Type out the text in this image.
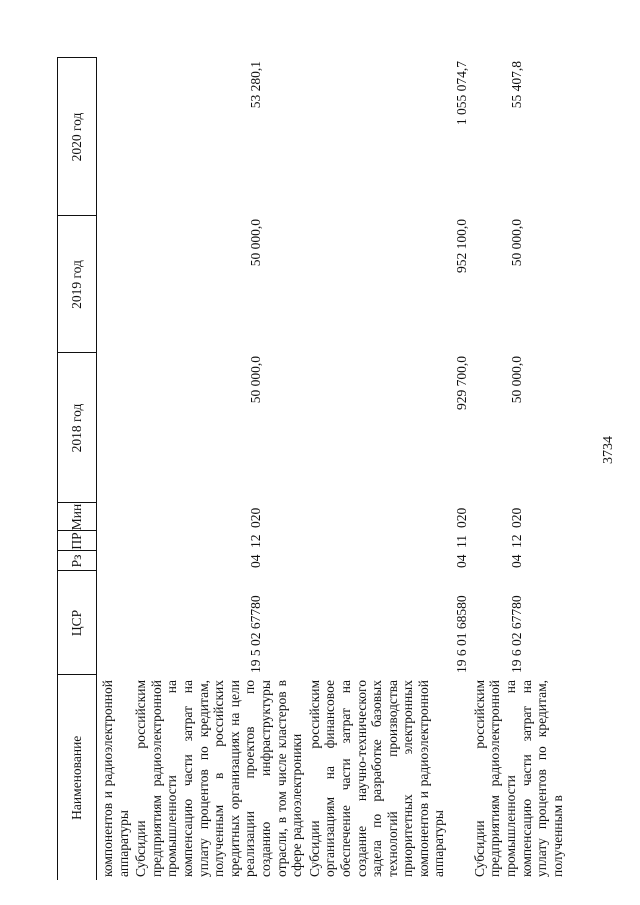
3734
Наименование	ЦСР	Рз	ПР	Мин	2018 год	2019 год	2020 год

компонентов и радиоэлектронной аппаратуры							

Субсидии российским предприятиям радиоэлектронной промышленности на компенсацию части затрат на уплату процентов по кредитам, полученным в российских кредитных организациях на цели реализации проектов по созданию инфраструктуры отрасли, в том числе кластеров в сфере радиоэлектроники	19 5 02 67780	04	12	020	50 000,0	50 000,0	53 280,1

Субсидии российским организациям на финансовое обеспечение части затрат на создание научно-технического задела по разработке базовых технологий производства приоритетных электронных компонентов и радиоэлектронной аппаратуры	19 6 01 68580	04	11	020	929 700,0	952 100,0	1 055 074,7

Субсидии российским предприятиям радиоэлектронной промышленности на компенсацию части затрат на уплату процентов по кредитам, полученным в	19 6 02 67780	04	12	020	50 000,0	50 000,0	55 407,8
